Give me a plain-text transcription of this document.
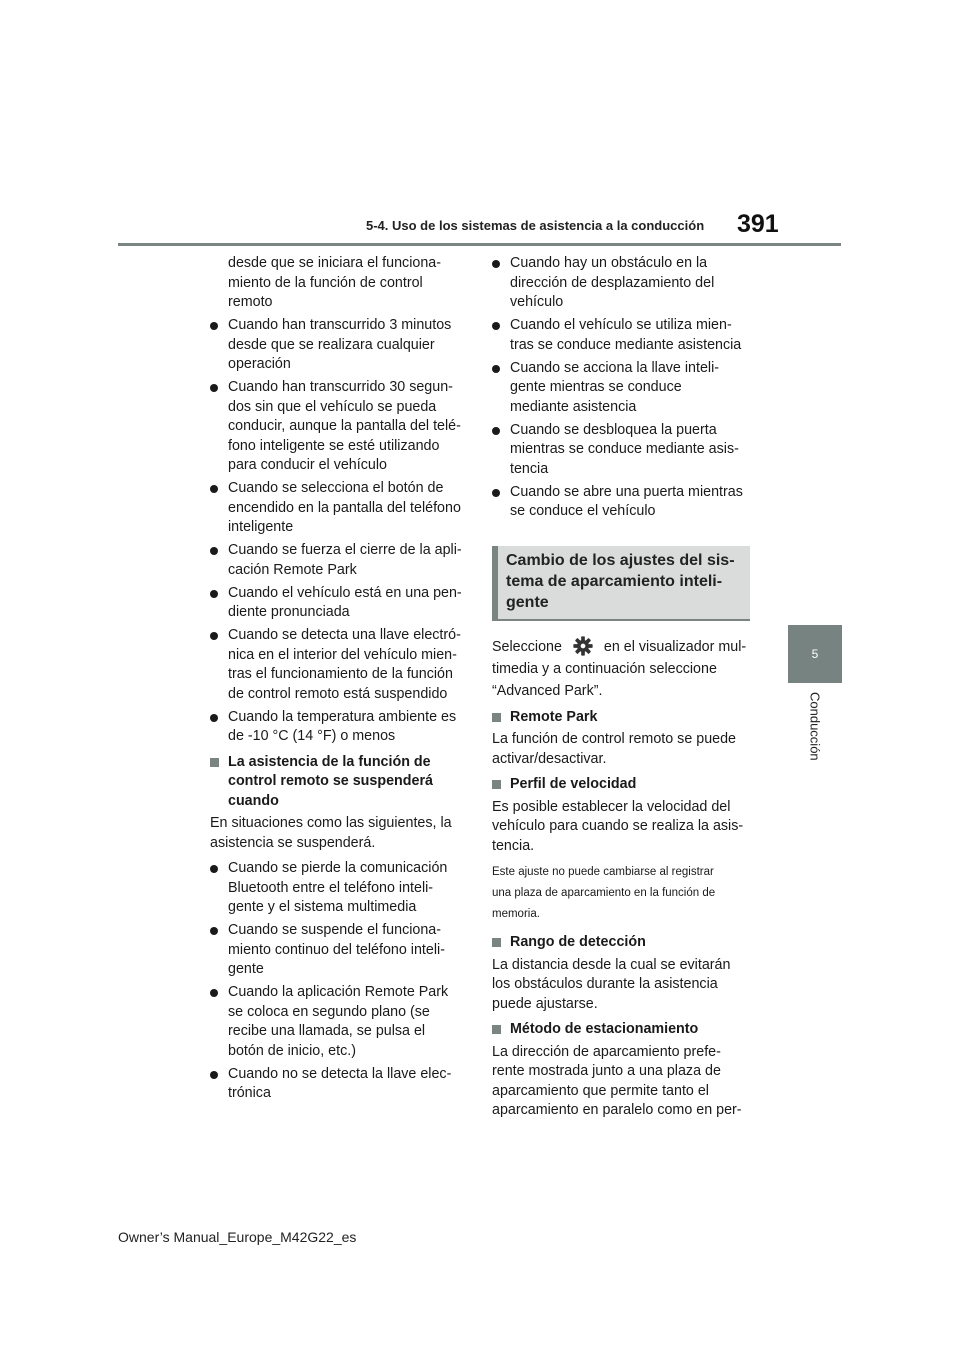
5-4. Uso de los sistemas de asistencia a la conducción 391
5
Conducción
desde que se iniciara el funciona-
miento de la función de control
remoto
Cuando han transcurrido 3 minutos
desde que se realizara cualquier
operación
Cuando han transcurrido 30 segun-
dos sin que el vehículo se pueda
conducir, aunque la pantalla del telé-
fono inteligente se esté utilizando
para conducir el vehículo
Cuando se selecciona el botón de
encendido en la pantalla del teléfono
inteligente
Cuando se fuerza el cierre de la apli-
cación Remote Park
Cuando el vehículo está en una pen-
diente pronunciada
Cuando se detecta una llave electró-
nica en el interior del vehículo mien-
tras el funcionamiento de la función
de control remoto está suspendido
Cuando la temperatura ambiente es
de -10 °C (14 °F) o menos
La asistencia de la función de
control remoto se suspenderá
cuando
En situaciones como las siguientes, la
asistencia se suspenderá.
Cuando se pierde la comunicación
Bluetooth entre el teléfono inteli-
gente y el sistema multimedia
Cuando se suspende el funciona-
miento continuo del teléfono inteli-
gente
Cuando la aplicación Remote Park
se coloca en segundo plano (se
recibe una llamada, se pulsa el
botón de inicio, etc.)
Cuando no se detecta la llave elec-
trónica
Cuando hay un obstáculo en la
dirección de desplazamiento del
vehículo
Cuando el vehículo se utiliza mien-
tras se conduce mediante asistencia
Cuando se acciona la llave inteli-
gente mientras se conduce
mediante asistencia
Cuando se desbloquea la puerta
mientras se conduce mediante asis-
tencia
Cuando se abre una puerta mientras
se conduce el vehículo
Cambio de los ajustes del sis-
tema de aparcamiento inteli-
gente
Seleccione	en el visualizador mul-
timedia y a continuación seleccione
“Advanced Park”.
Remote Park
La función de control remoto se puede
activar/desactivar.
Perfil de velocidad
Es posible establecer la velocidad del
vehículo para cuando se realiza la asis-
tencia.
Este ajuste no puede cambiarse al registrar
una plaza de aparcamiento en la función de
memoria.
Rango de detección
La distancia desde la cual se evitarán
los obstáculos durante la asistencia
puede ajustarse.
Método de estacionamiento
La dirección de aparcamiento prefe-
rente mostrada junto a una plaza de
aparcamiento que permite tanto el
aparcamiento en paralelo como en per-
Owner’s Manual_Europe_M42G22_es
